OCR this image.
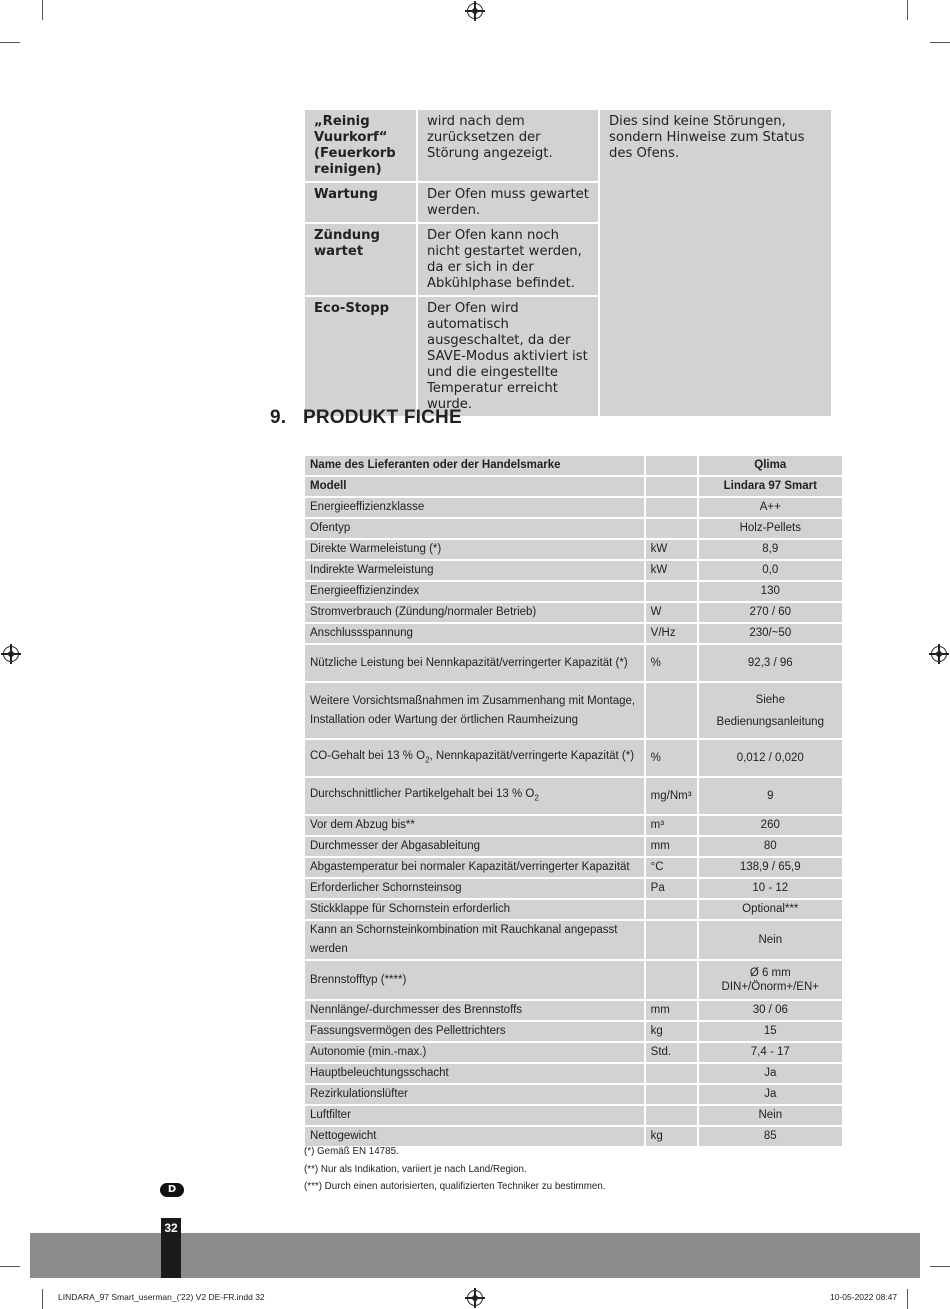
„Reinig Vuurkorf“ (Feuerkorb reinigen)	wird nach dem zurücksetzen der Störung angezeigt.	Dies sind keine Störungen, sondern Hinweise zum Status des Ofens.
Wartung	Der Ofen muss gewartet werden.	
Zündung wartet	Der Ofen kann noch nicht gestartet werden, da er sich in der Abkühlphase befindet.	
Eco-Stopp	Der Ofen wird automatisch ausgeschaltet, da der SAVE-Modus aktiviert ist und die eingestellte Temperatur erreicht wurde.	
9. PRODUKT FICHE
Name des Lieferanten oder der Handelsmarke		Qlima
Modell		Lindara 97 Smart
Energieeffizienzklasse		A++
Ofentyp		Holz-Pellets
Direkte Warmeleistung (*)	kW	8,9
Indirekte Warmeleistung	kW	0,0
Energieeffizienzindex		130
Stromverbrauch (Zündung/normaler Betrieb)	W	270 / 60
Anschlussspannung	V/Hz	230/~50
Nützliche Leistung bei Nennkapazität/verringerter Kapazität (*)	%	92,3 / 96
Weitere Vorsichtsmaßnahmen im Zusammenhang mit Montage, Installation oder Wartung der örtlichen Raumheizung		Siehe Bedienungsanleitung
CO-Gehalt bei 13 % $O_2$, Nennkapazität/verringerte Kapazität (*)	%	0,012 / 0,020
Durchschnittlicher Partikelgehalt bei 13 % $O_2$	mg/Nm³	9
Vor dem Abzug bis**	m³	260
Durchmesser der Abgasableitung	mm	80
Abgastemperatur bei normaler Kapazität/verringerter Kapazität	°C	138,9 / 65,9
Erforderlicher Schornsteinsog	Pa	10 - 12
Stickklappe für Schornstein erforderlich		Optional***
Kann an Schornsteinkombination mit Rauchkanal angepasst werden		Nein
Brennstofftyp (****)		Ø 6 mm
DIN+/Önorm+/EN+

Nennlänge/-durchmesser des Brennstoffs	mm	30 / 06
Fassungsvermögen des Pellettrichters	kg	15
Autonomie (min.-max.)	Std.	7,4 - 17
Hauptbeleuchtungsschacht		Ja
Rezirkulationslüfter		Ja
Luftfilter		Nein
Nettogewicht	kg	85
(*) Gemäß EN 14785.
(**) Nur als Indikation, variiert je nach Land/Region.
(***) Durch einen autorisierten, qualifizierten Techniker zu bestimmen.
D
32
LINDARA_97 Smart_userman_('22) V2 DE-FR.indd 32	10-05-2022 08:47
